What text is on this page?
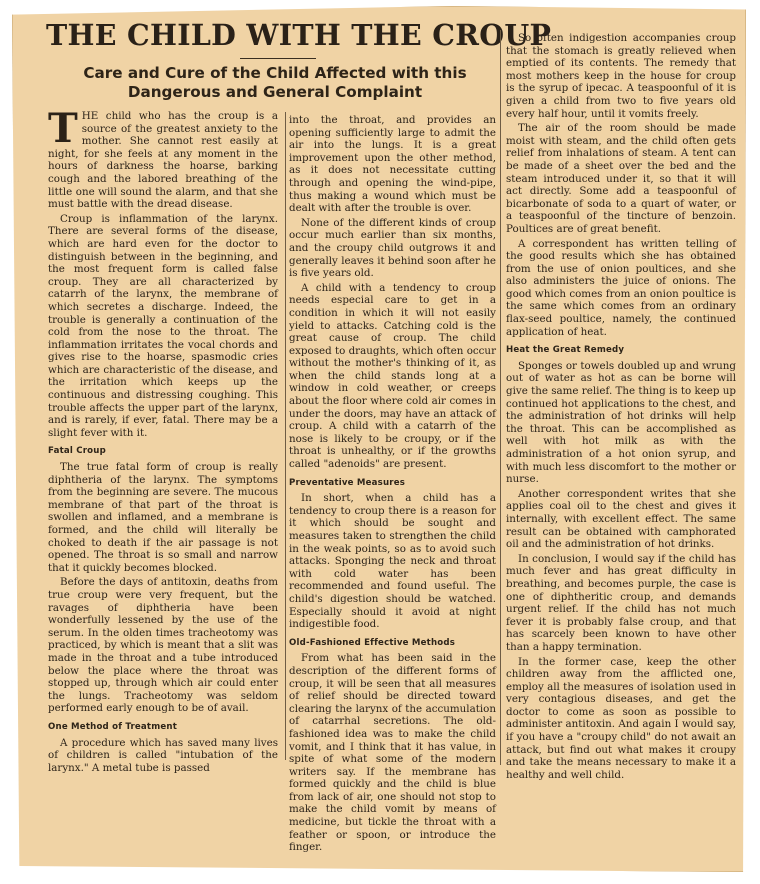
THE CHILD WITH THE CROUP
Care and Cure of the Child Affected with this Dangerous and General Complaint

THE child who has the croup is a source of the greatest anxiety to the mother. She cannot rest easily at night, for she feels at any moment in the hours of darkness the hoarse, barking cough and the labored breathing of the little one will sound the alarm, and that she must battle with the dread disease.

Croup is inflammation of the larynx. There are several forms of the disease, which are hard even for the doctor to distinguish between in the beginning, and the most frequent form is called false croup. They are all characterized by catarrh of the larynx, the membrane of which secretes a discharge. Indeed, the trouble is generally a continuation of the cold from the nose to the throat. The inflammation irritates the vocal chords and gives rise to the hoarse, spasmodic cries which are characteristic of the disease, and the irritation which keeps up the continuous and distressing coughing. This trouble affects the upper part of the larynx, and is rarely, if ever, fatal. There may be a slight fever with it.

Fatal Croup

The true fatal form of croup is really diphtheria of the larynx. The symptoms from the beginning are severe. The mucous membrane of that part of the throat is swollen and inflamed, and a membrane is formed, and the child will literally be choked to death if the air passage is not opened. The throat is so small and narrow that it quickly becomes blocked.

Before the days of antitoxin, deaths from true croup were very frequent, but the ravages of diphtheria have been wonderfully lessened by the use of the serum. In the olden times tracheotomy was practiced, by which is meant that a slit was made in the throat and a tube introduced below the place where the throat was stopped up, through which air could enter the lungs. Tracheotomy was seldom performed early enough to be of avail.

One Method of Treatment

A procedure which has saved many lives of children is called "intubation of the larynx." A metal tube is passed

into the throat, and provides an opening sufficiently large to admit the air into the lungs. It is a great improvement upon the other method, as it does not necessitate cutting through and opening the wind-pipe, thus making a wound which must be dealt with after the trouble is over.

None of the different kinds of croup occur much earlier than six months, and the croupy child outgrows it and generally leaves it behind soon after he is five years old.

A child with a tendency to croup needs especial care to get in a condition in which it will not easily yield to attacks. Catching cold is the great cause of croup. The child exposed to draughts, which often occur without the mother's thinking of it, as when the child stands long at a window in cold weather, or creeps about the floor where cold air comes in under the doors, may have an attack of croup. A child with a catarrh of the nose is likely to be croupy, or if the throat is unhealthy, or if the growths called "adenoids" are present.

Preventative Measures

In short, when a child has a tendency to croup there is a reason for it which should be sought and measures taken to strengthen the child in the weak points, so as to avoid such attacks. Sponging the neck and throat with cold water has been recommended and found useful. The child's digestion should be watched. Especially should it avoid at night indigestible food.

Old-Fashioned Effective Methods

From what has been said in the description of the different forms of croup, it will be seen that all measures of relief should be directed toward clearing the larynx of the accumulation of catarrhal secretions. The old-fashioned idea was to make the child vomit, and I think that it has value, in spite of what some of the modern writers say. If the membrane has formed quickly and the child is blue from lack of air, one should not stop to make the child vomit by means of medicine, but tickle the throat with a feather or spoon, or introduce the finger.

So often indigestion accompanies croup that the stomach is greatly relieved when emptied of its contents. The remedy that most mothers keep in the house for croup is the syrup of ipecac. A teaspoonful of it is given a child from two to five years old every half hour, until it vomits freely.

The air of the room should be made moist with steam, and the child often gets relief from inhalations of steam. A tent can be made of a sheet over the bed and the steam introduced under it, so that it will act directly. Some add a teaspoonful of bicarbonate of soda to a quart of water, or a teaspoonful of the tincture of benzoin. Poultices are of great benefit.

A correspondent has written telling of the good results which she has obtained from the use of onion poultices, and she also administers the juice of onions. The good which comes from an onion poultice is the same which comes from an ordinary flax-seed poultice, namely, the continued application of heat.

Heat the Great Remedy

Sponges or towels doubled up and wrung out of water as hot as can be borne will give the same relief. The thing is to keep up continued hot applications to the chest, and the administration of hot drinks will help the throat. This can be accomplished as well with hot milk as with the administration of a hot onion syrup, and with much less discomfort to the mother or nurse.

Another correspondent writes that she applies coal oil to the chest and gives it internally, with excellent effect. The same result can be obtained with camphorated oil and the administration of hot drinks.

In conclusion, I would say if the child has much fever and has great difficulty in breathing, and becomes purple, the case is one of diphtheritic croup, and demands urgent relief. If the child has not much fever it is probably false croup, and that has scarcely been known to have other than a happy termination.

In the former case, keep the other children away from the afflicted one, employ all the measures of isolation used in very contagious diseases, and get the doctor to come as soon as possible to administer antitoxin. And again I would say, if you have a "croupy child" do not await an attack, but find out what makes it croupy and take the means necessary to make it a healthy and well child.
